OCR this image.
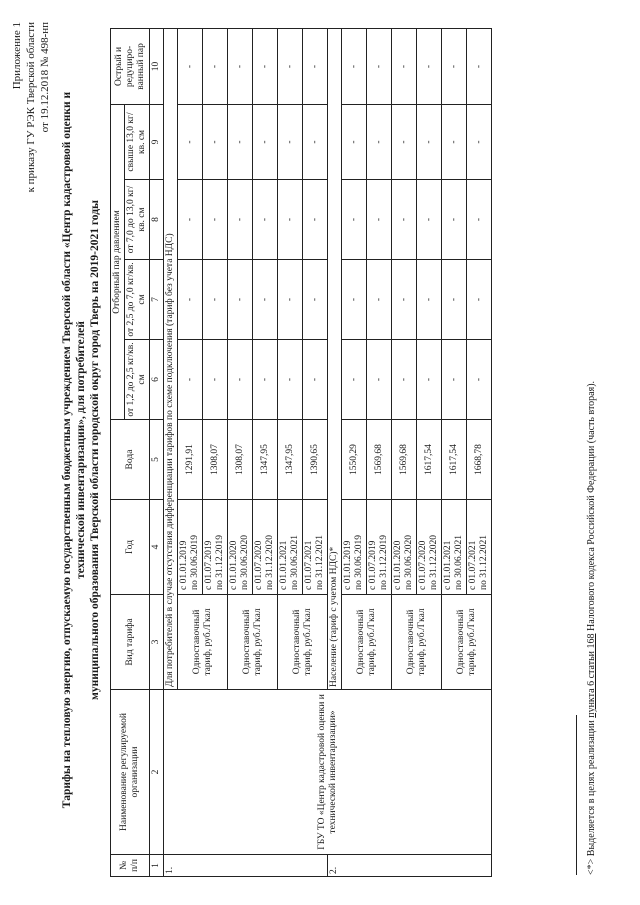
Приложение 1 к приказу ГУ РЭК Тверской области от 19.12.2018 № 498-нп
Тарифы на тепловую энергию, отпускаемую государственным бюджетным учреждением Тверской области «Центр кадастровой оценки и технической инвентаризации», для потребителей муниципального образования Тверской области городской округ город Тверь на 2019-2021 годы
№ п/п	Наименование регулируемой организации	Вид тарифа	Год	Вода	Отборный пар давлением				Острый и редуциро-ванный пар
					от 1,2 до 2,5 кг/кв. см	от 2,5 до 7,0 кг/кв. см	от 7,0 до 13,0 кг/кв. см	свыше 13,0 кг/кв. см	
1	2	3	4	5	6	7	8	9	10
1.	ГБУ ТО «Центр кадастровой оценки и технической инвентаризации»	Для потребителей в случае отсутствия дифференциации тарифов по схеме подключения (тариф без учета НДС)							
		Одноставочный тариф, руб./Гкал	с 01.01.2019 по 30.06.2019	1291,91	-	-	-	-	-

			с 01.07.2019 по 31.12.2019	1308,07	-	-	-	-	-
		Одноставочный тариф, руб./Гкал	с 01.01.2020 по 30.06.2020	1308,07	-	-	-	-	-

			с 01.07.2020 по 31.12.2020	1347,95	-	-	-	-	-
		Одноставочный тариф, руб./Гкал	с 01.01.2021 по 30.06.2021	1347,95	-	-	-	-	-

			с 01.07.2021 по 31.12.2021	1390,65	-	-	-	-	-
2.		Население (тариф с учетом НДС)*							
		Одноставочный тариф, руб./Гкал	с 01.01.2019 по 30.06.2019	1550,29	-	-	-	-	-

			с 01.07.2019 по 31.12.2019	1569,68	-	-	-	-	-
		Одноставочный тариф, руб./Гкал	с 01.01.2020 по 30.06.2020	1569,68	-	-	-	-	-

			с 01.07.2020 по 31.12.2020	1617,54	-	-	-	-	-
		Одноставочный тариф, руб./Гкал	с 01.01.2021 по 30.06.2021	1617,54	-	-	-	-	-

			с 01.07.2021 по 31.12.2021	1668,78	-	-	-	-	-
<*> Выделяется в целях реализации пункта 6 статьи 168 Налогового кодекса Российской Федерации (часть вторая).
